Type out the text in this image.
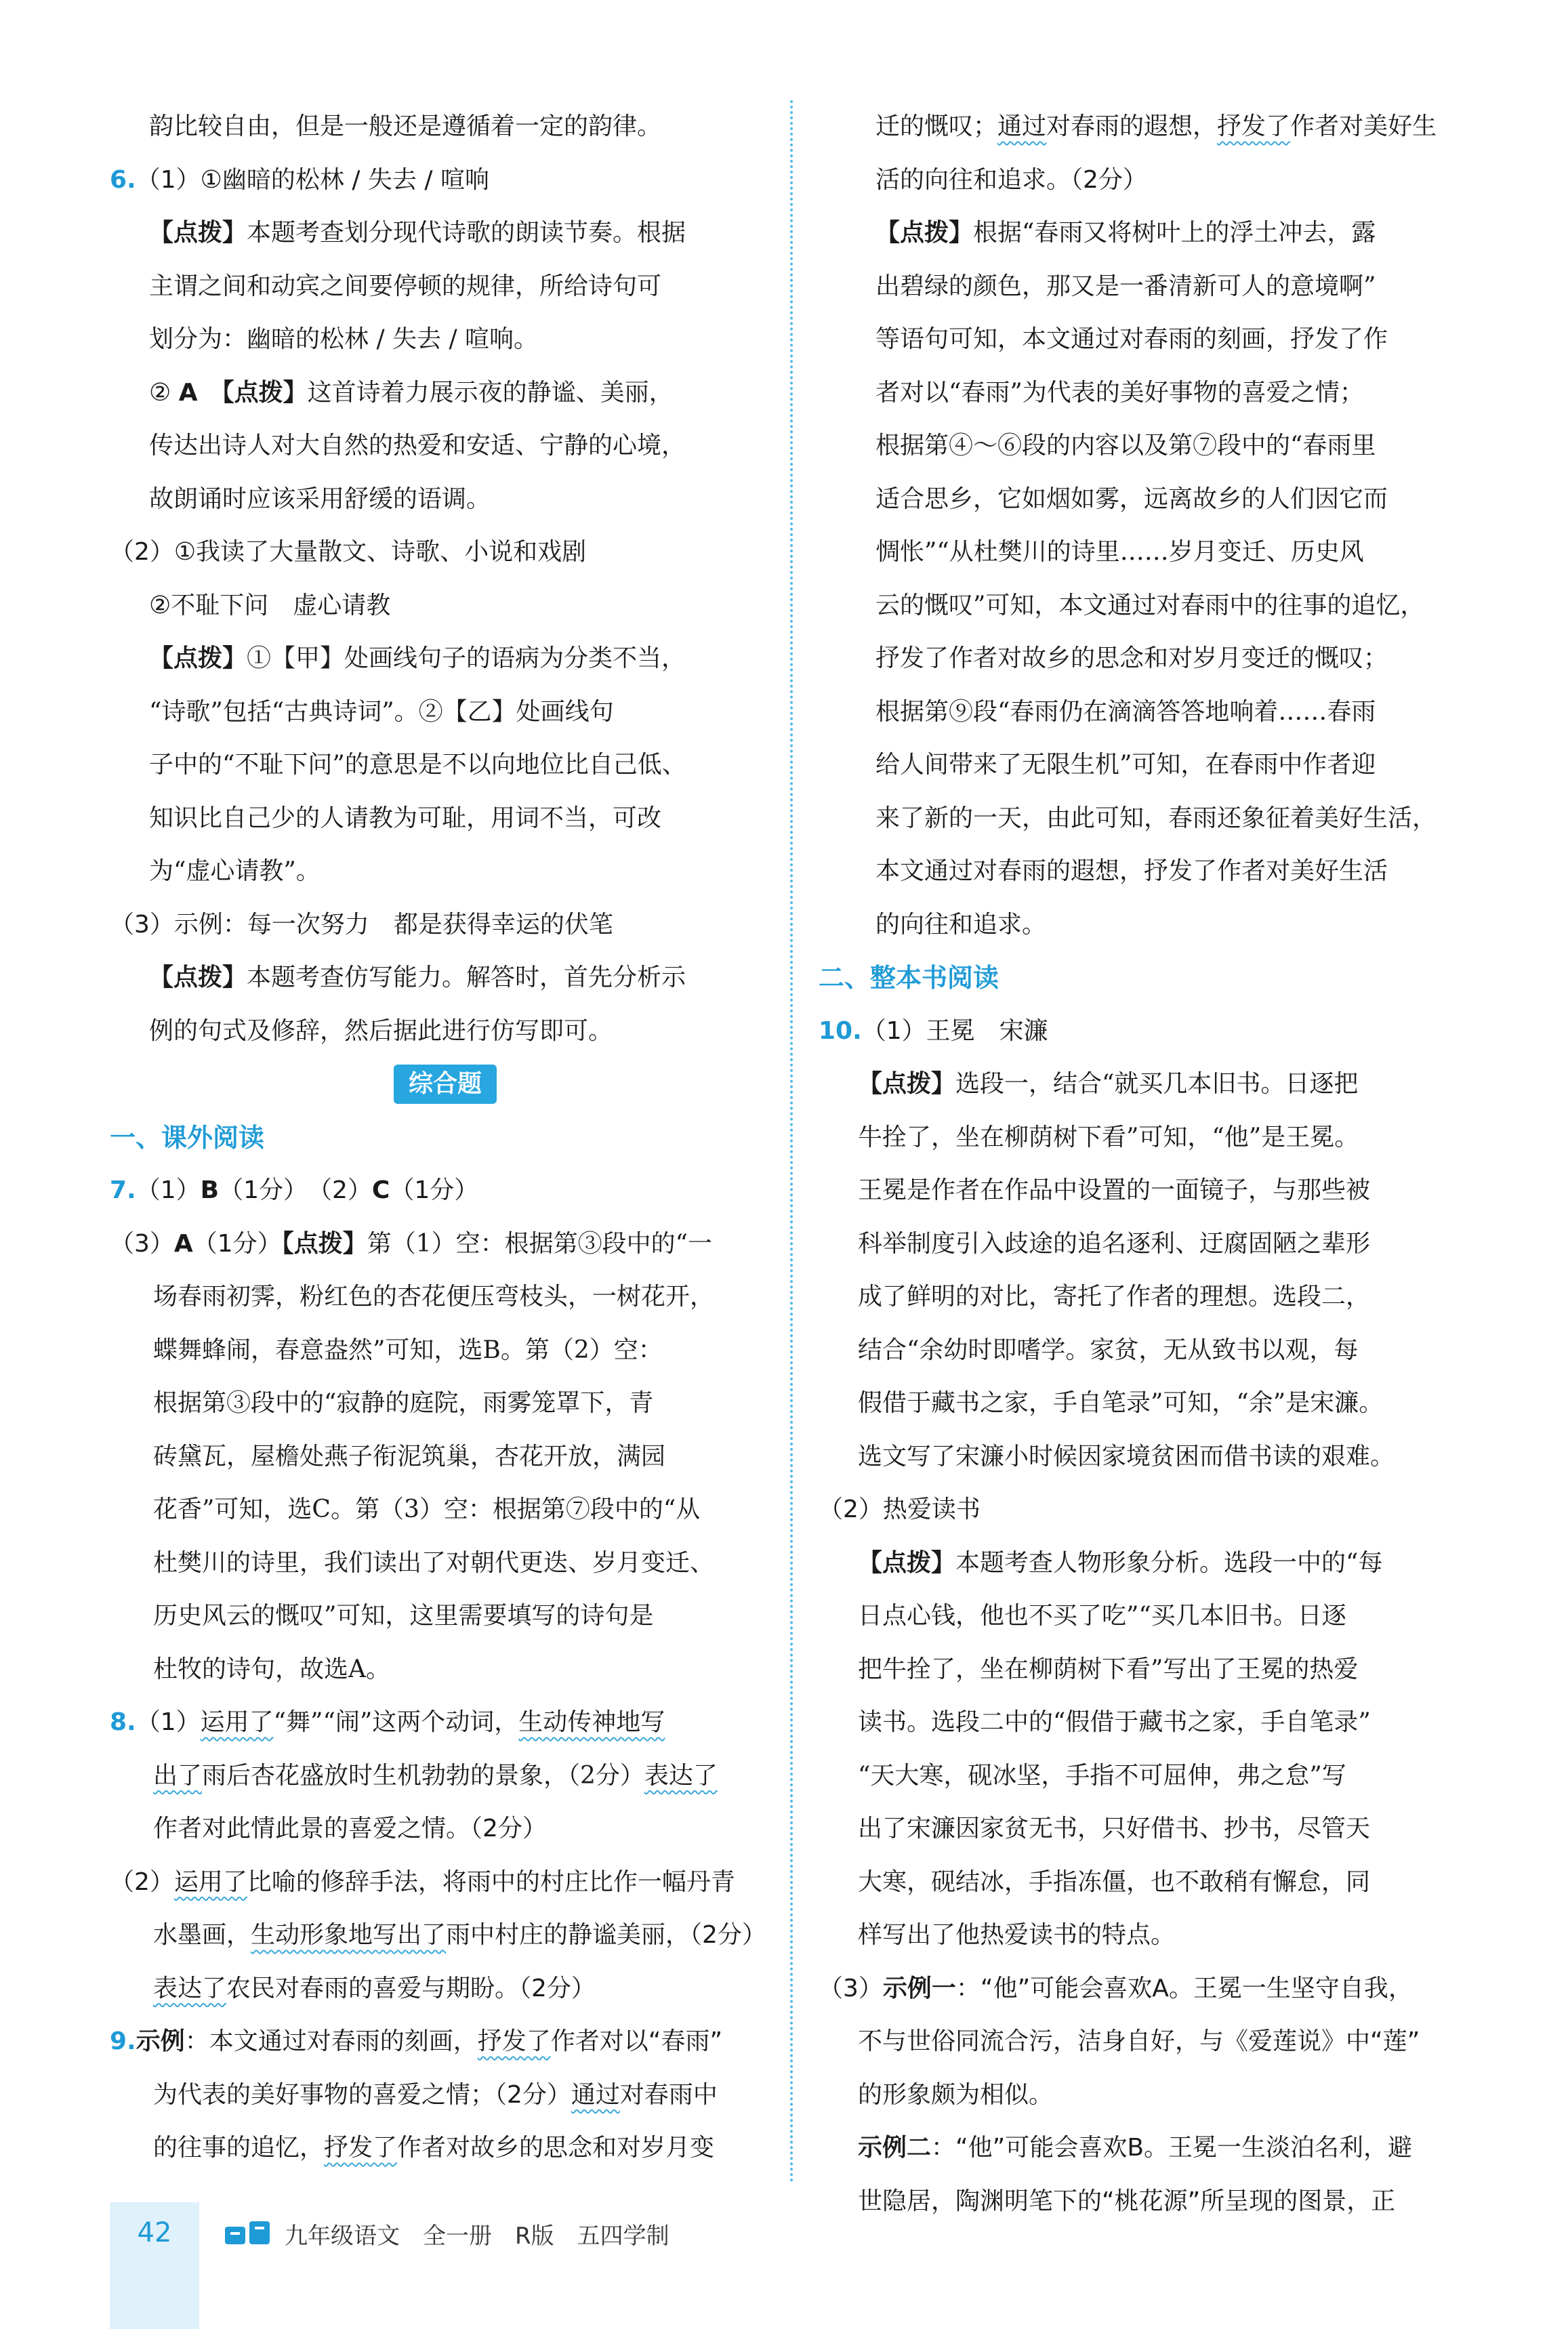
韵比较自由，但是一般还是遵循着一定的韵律。
6.（1）①幽暗的松林 / 失去 / 喧响
【点拨】本题考查划分现代诗歌的朗读节奏。根据
主谓之间和动宾之间要停顿的规律，所给诗句可
划分为：幽暗的松林 / 失去 / 喧响。
② A　 【点拨】这首诗着力展示夜的静谧、美丽，
传达出诗人对大自然的热爱和安适、宁静的心境，
故朗诵时应该采用舒缓的语调。
（2）①我读了大量散文、诗歌、小说和戏剧
②不耻下问　虚心请教
【点拨】①【甲】处画线句子的语病为分类不当，
“诗歌”包括“古典诗词”。②【乙】处画线句
子中的“不耻下问”的意思是不以向地位比自己低、
知识比自己少的人请教为可耻，用词不当，可改
为“虚心请教”。
（3）示例：每一次努力　都是获得幸运的伏笔
【点拨】本题考查仿写能力。解答时，首先分析示
例的句式及修辞，然后据此进行仿写即可。
综合题
一、课外阅读
7.（1）B（1分）　（2）C（1分）
（3）A（1分）【点拨】第（1）空：根据第③段中的“一
场春雨初霁，粉红色的杏花便压弯枝头，一树花开，
蝶舞蜂闹，春意盎然”可知，选B。第（2）空：
根据第③段中的“寂静的庭院，雨雾笼罩下，青
砖黛瓦，屋檐处燕子衔泥筑巢，杏花开放，满园
花香”可知，选C。第（3）空：根据第⑦段中的“从
杜樊川的诗里，我们读出了对朝代更迭、岁月变迁、
历史风云的慨叹”可知，这里需要填写的诗句是
杜牧的诗句，故选A。
8.（1）运用了“舞”“闹”这两个动词，生动传神地写
出了雨后杏花盛放时生机勃勃的景象，（2分）表达了
作者对此情此景的喜爱之情。（2分）
（2）运用了比喻的修辞手法，将雨中的村庄比作一幅丹青
水墨画，生动形象地写出了雨中村庄的静谧美丽，（2分）
表达了农民对春雨的喜爱与期盼。（2分）
9.示例：本文通过对春雨的刻画，抒发了作者对以“春雨”
为代表的美好事物的喜爱之情；（2分）通过对春雨中
的往事的追忆，抒发了作者对故乡的思念和对岁月变
迁的慨叹；通过对春雨的遐想，抒发了作者对美好生
活的向往和追求。（2分）
【点拨】根据“春雨又将树叶上的浮土冲去，露
出碧绿的颜色，那又是一番清新可人的意境啊”
等语句可知，本文通过对春雨的刻画，抒发了作
者对以“春雨”为代表的美好事物的喜爱之情；
根据第④～⑥段的内容以及第⑦段中的“春雨里
适合思乡，它如烟如雾，远离故乡的人们因它而
惆怅”“从杜樊川的诗里……岁月变迁、历史风
云的慨叹”可知，本文通过对春雨中的往事的追忆，
抒发了作者对故乡的思念和对岁月变迁的慨叹；
根据第⑨段“春雨仍在滴滴答答地响着……春雨
给人间带来了无限生机”可知，在春雨中作者迎
来了新的一天，由此可知，春雨还象征着美好生活，
本文通过对春雨的遐想，抒发了作者对美好生活
的向往和追求。
二、整本书阅读
10.（1）王冕　宋濂
【点拨】选段一，结合“就买几本旧书。日逐把
牛拴了，坐在柳荫树下看”可知，“他”是王冕。
王冕是作者在作品中设置的一面镜子，与那些被
科举制度引入歧途的追名逐利、迂腐固陋之辈形
成了鲜明的对比，寄托了作者的理想。选段二，
结合“余幼时即嗜学。家贫，无从致书以观，每
假借于藏书之家，手自笔录”可知，“余”是宋濂。
选文写了宋濂小时候因家境贫困而借书读的艰难。
（2）热爱读书
【点拨】本题考查人物形象分析。选段一中的“每
日点心钱，他也不买了吃”“买几本旧书。日逐
把牛拴了，坐在柳荫树下看”写出了王冕的热爱
读书。选段二中的“假借于藏书之家，手自笔录”
“天大寒，砚冰坚，手指不可屈伸，弗之怠”写
出了宋濂因家贫无书，只好借书、抄书，尽管天
大寒，砚结冰，手指冻僵，也不敢稍有懈怠，同
样写出了他热爱读书的特点。
（3）示例一：“他”可能会喜欢A。王冕一生坚守自我，
不与世俗同流合污，洁身自好，与《爱莲说》中“莲”
的形象颇为相似。
示例二：“他”可能会喜欢B。王冕一生淡泊名利，避
世隐居，陶渊明笔下的“桃花源”所呈现的图景，正
42	九年级语文　全一册　R版　五四学制
